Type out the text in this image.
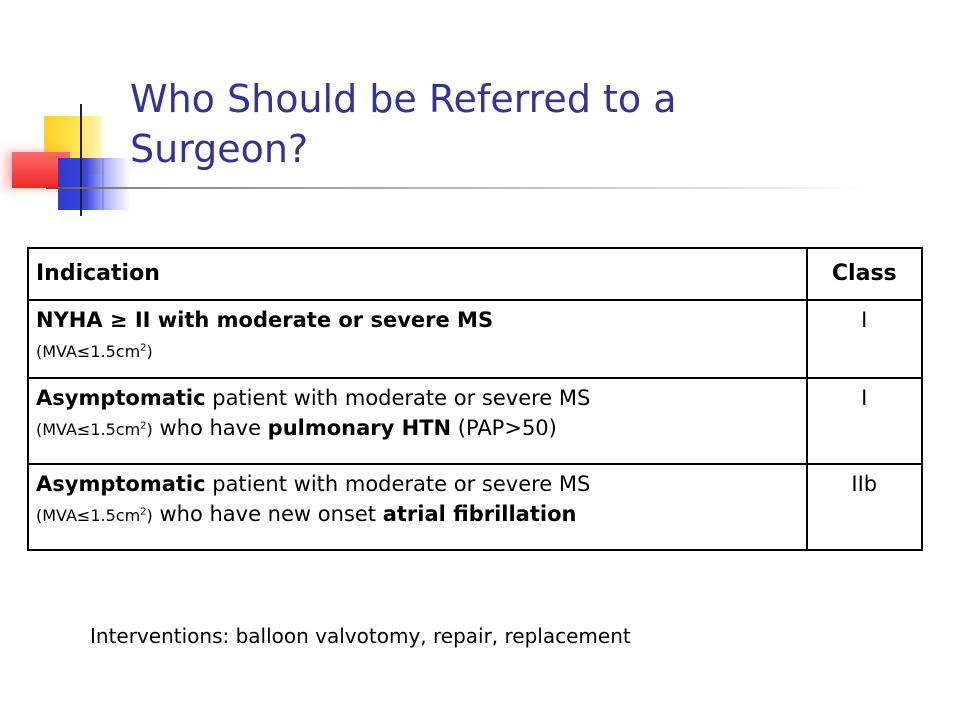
Who Should be Referred to a
Surgeon?
Indication	Class
NYHA ≥ II with moderate or severe MS
$(MVA\le 1.5cm^2)$	I
Asymptomatic patient with moderate or severe MS
$(MVA\le 1.5cm^2)$ who have pulmonary HTN (PAP>50)	I
Asymptomatic patient with moderate or severe MS
$(MVA\le 1.5cm^2)$ who have new onset atrial fibrillation	IIb
Interventions: balloon valvotomy, repair, replacement
